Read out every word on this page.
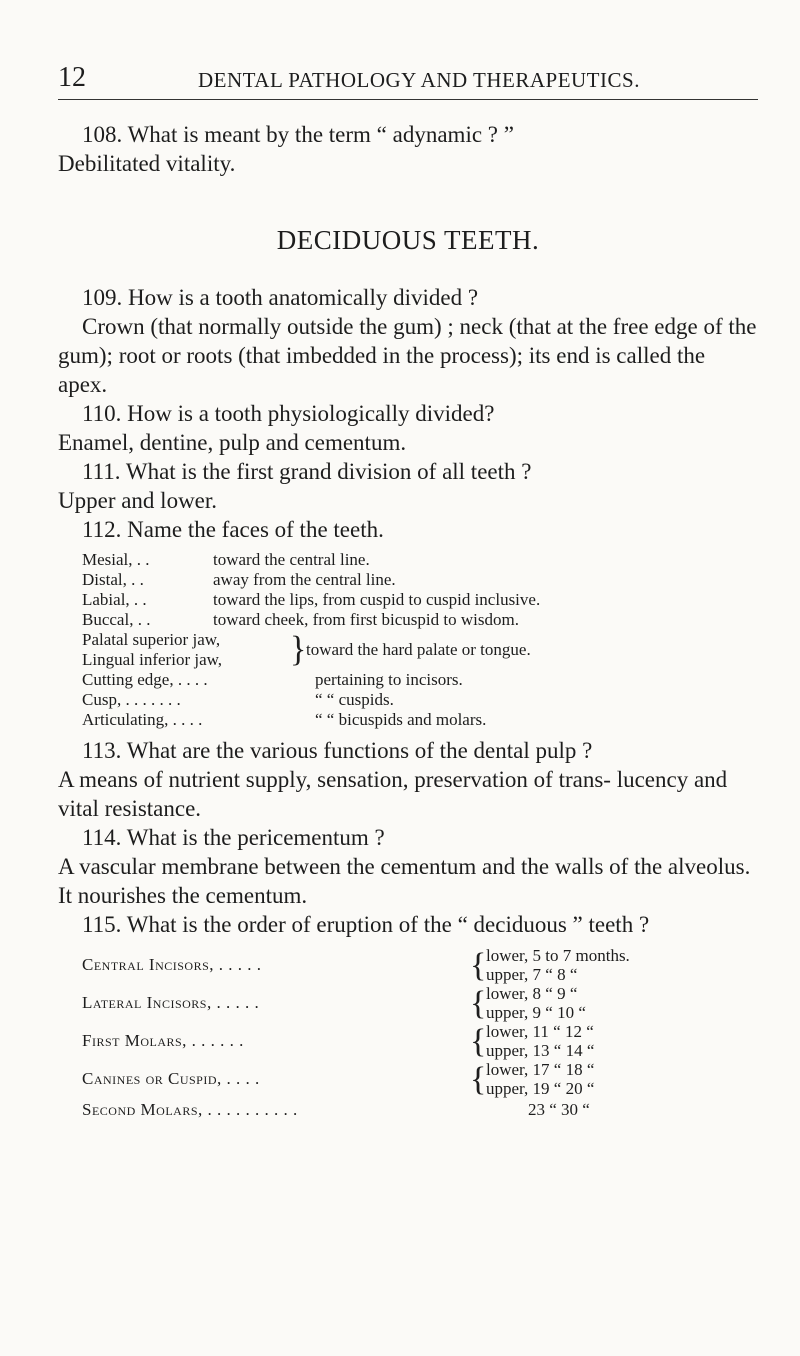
12	DENTAL PATHOLOGY AND THERAPEUTICS.
108. What is meant by the term “ adynamic ? ”
Debilitated vitality.
DECIDUOUS TEETH.
109. How is a tooth anatomically divided ?
Crown (that normally outside the gum) ; neck (that at the free edge of the gum); root or roots (that imbedded in the process); its end is called the apex.
110. How is a tooth physiologically divided?
Enamel, dentine, pulp and cementum.
111. What is the first grand division of all teeth ?
Upper and lower.
112. Name the faces of the teeth.
Mesial, . .	toward the central line.
Distal, . .	away from the central line.
Labial, . .	toward the lips, from cuspid to cuspid inclusive.
Buccal, . .	toward cheek, from first bicuspid to wisdom.
Palatal superior jaw,
Lingual inferior jaw, } toward the hard palate or tongue.
Cutting edge, . . . .	pertaining to incisors.
Cusp, . . . . . . .	“ “ cuspids.
Articulating, . . . .	“ “ bicuspids and molars.
113. What are the various functions of the dental pulp ?
A means of nutrient supply, sensation, preservation of trans- lucency and vital resistance.
114. What is the pericementum ?
A vascular membrane between the cementum and the walls of the alveolus. It nourishes the cementum.
115. What is the order of eruption of the “ deciduous ” teeth ?
Central Incisors, . . . . .	{ lower, 5 to 7 months.
upper, 7 “ 8 “
Lateral Incisors, . . . . .	{ lower, 8 “ 9 “
upper, 9 “ 10 “
First Molars, . . . . . .	{ lower, 11 “ 12 “
upper, 13 “ 14 “
Canines or Cuspid, . . . .	{ lower, 17 “ 18 “
upper, 19 “ 20 “
Second Molars, . . . . . . . . . .	23 “ 30 “
